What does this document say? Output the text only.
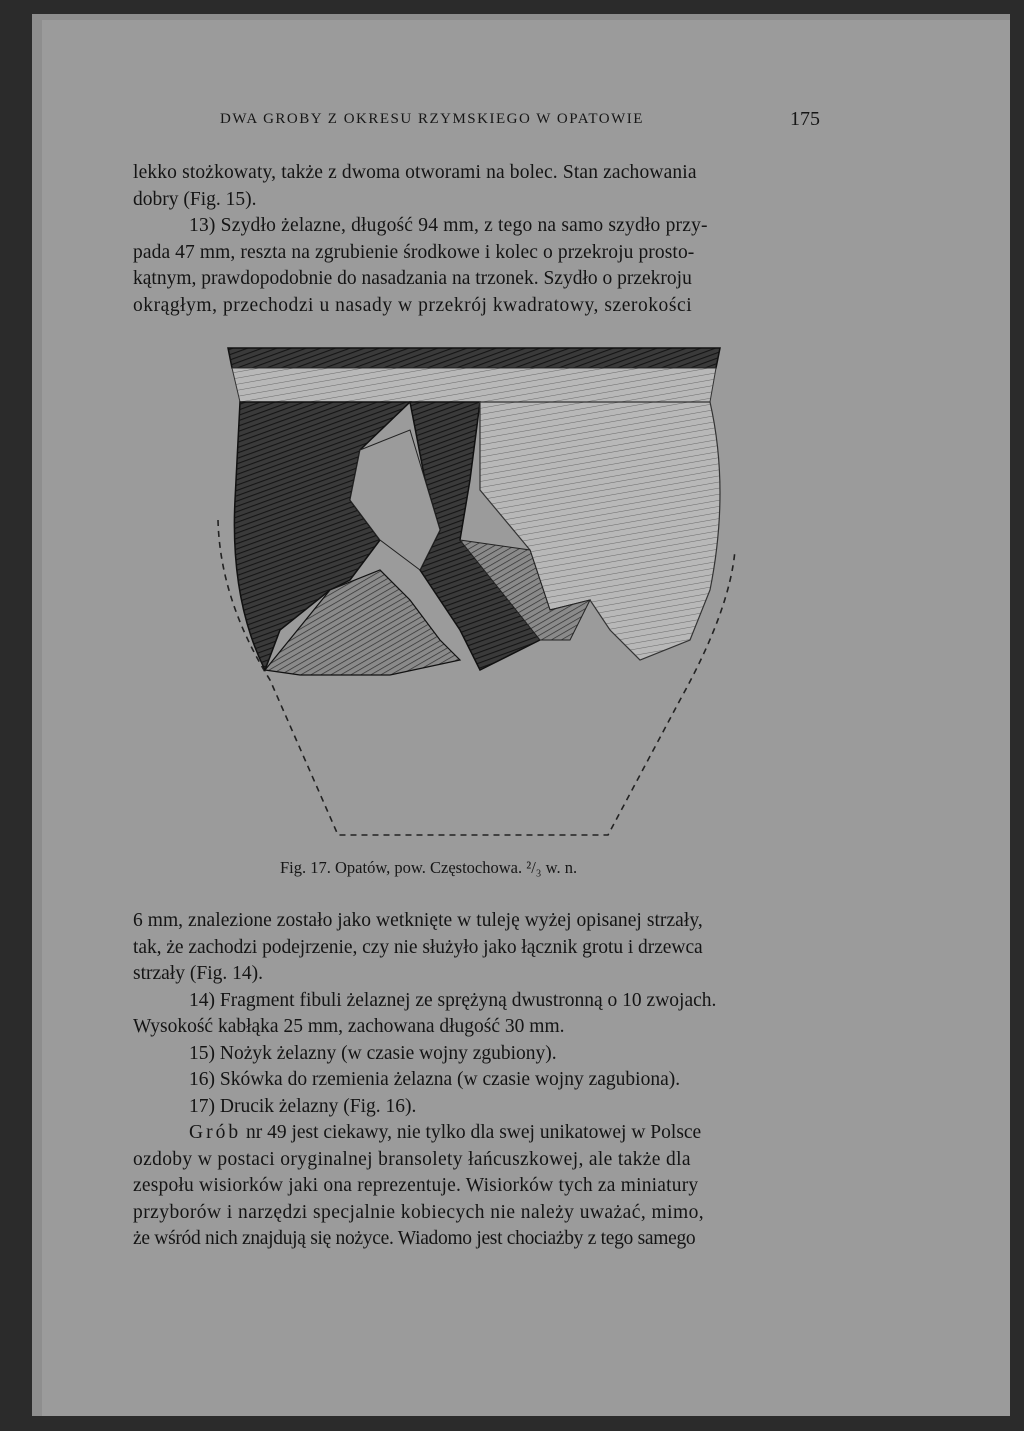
DWA GROBY Z OKRESU RZYMSKIEGO W OPATOWIE	175
lekko stożkowaty, także z dwoma otworami na bolec. Stan zachowania
dobry (Fig. 15).
13) Szydło żelazne, długość 94 mm, z tego na samo szydło przy-
pada 47 mm, reszta na zgrubienie środkowe i kolec o przekroju prosto-
kątnym, prawdopodobnie do nasadzania na trzonek. Szydło o przekroju
okrągłym, przechodzi u nasady w przekrój kwadratowy, szerokości
Fig. 17. Opatów, pow. Częstochowa. ²/₃ w. n.
6 mm, znalezione zostało jako wetknięte w tuleję wyżej opisanej strzały,
tak, że zachodzi podejrzenie, czy nie służyło jako łącznik grotu i drzewca
strzały (Fig. 14).
14) Fragment fibuli żelaznej ze sprężyną dwustronną o 10 zwojach.
Wysokość kabłąka 25 mm, zachowana długość 30 mm.
15) Nożyk żelazny (w czasie wojny zgubiony).
16) Skówka do rzemienia żelazna (w czasie wojny zagubiona).
17) Drucik żelazny (Fig. 16).
Grób nr 49 jest ciekawy, nie tylko dla swej unikatowej w Polsce
ozdoby w postaci oryginalnej bransolety łańcuszkowej, ale także dla
zespołu wisiorków jaki ona reprezentuje. Wisiorków tych za miniatury
przyborów i narzędzi specjalnie kobiecych nie należy uważać, mimo,
że wśród nich znajdują się nożyce. Wiadomo jest chociażby z tego samego
